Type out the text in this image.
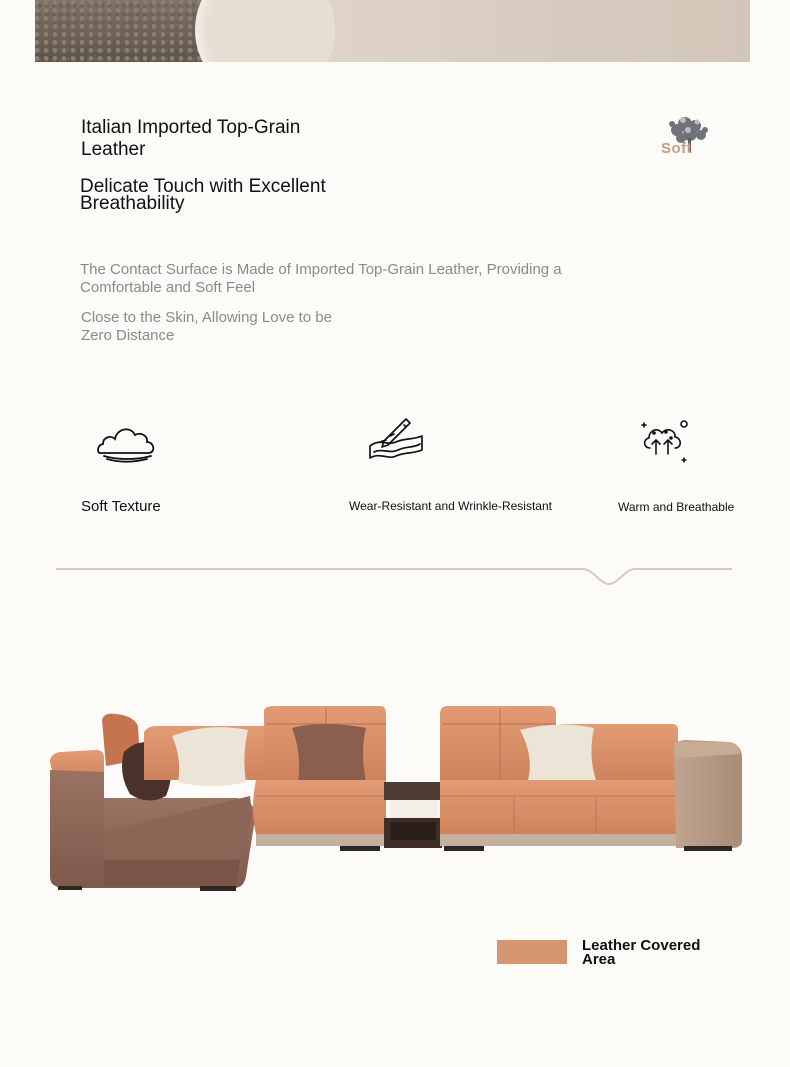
Italian Imported Top-Grain
Leather
Delicate Touch with Excellent
Breathability
Soft
The Contact Surface is Made of Imported Top-Grain Leather, Providing a
Comfortable and Soft Feel
Close to the Skin, Allowing Love to be
Zero Distance
Soft Texture	Wear-Resistant and Wrinkle-Resistant	Warm and Breathable
Leather Covered
Area
